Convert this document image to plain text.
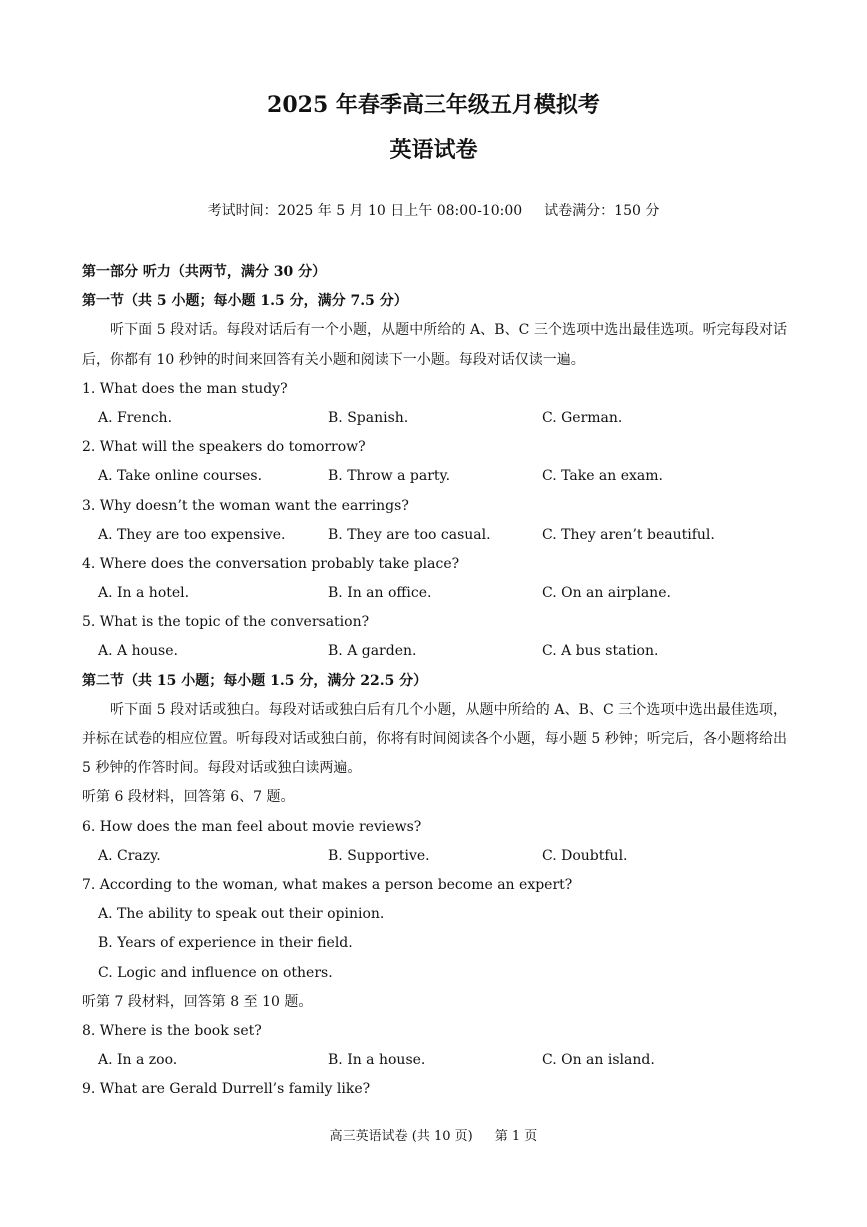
2025 年春季高三年级五月模拟考
英语试卷
考试时间：2025 年 5 月 10 日上午 08:00-10:00 试卷满分：150 分
第一部分 听力（共两节，满分 30 分）
第一节（共 5 小题；每小题 1.5 分，满分 7.5 分）
听下面 5 段对话。每段对话后有一个小题，从题中所给的 A、B、C 三个选项中选出最佳选项。听完每段对话后，你都有 10 秒钟的时间来回答有关小题和阅读下一小题。每段对话仅读一遍。
1. What does the man study?
A. French.	B. Spanish.	C. German.
2. What will the speakers do tomorrow?
A. Take online courses.	B. Throw a party.	C. Take an exam.
3. Why doesn’t the woman want the earrings?
A. They are too expensive.	B. They are too casual.	C. They aren’t beautiful.
4. Where does the conversation probably take place?
A. In a hotel.	B. In an office.	C. On an airplane.
5. What is the topic of the conversation?
A. A house.	B. A garden.	C. A bus station.
第二节（共 15 小题；每小题 1.5 分，满分 22.5 分）
听下面 5 段对话或独白。每段对话或独白后有几个小题，从题中所给的 A、B、C 三个选项中选出最佳选项，并标在试卷的相应位置。听每段对话或独白前，你将有时间阅读各个小题，每小题 5 秒钟；听完后，各小题将给出 5 秒钟的作答时间。每段对话或独白读两遍。
听第 6 段材料，回答第 6、7 题。
6. How does the man feel about movie reviews?
A. Crazy.	B. Supportive.	C. Doubtful.
7. According to the woman, what makes a person become an expert?
A. The ability to speak out their opinion.
B. Years of experience in their field.
C. Logic and influence on others.
听第 7 段材料，回答第 8 至 10 题。
8. Where is the book set?
A. In a zoo.	B. In a house.	C. On an island.
9. What are Gerald Durrell’s family like?
高三英语试卷 (共 10 页) 第 1 页
